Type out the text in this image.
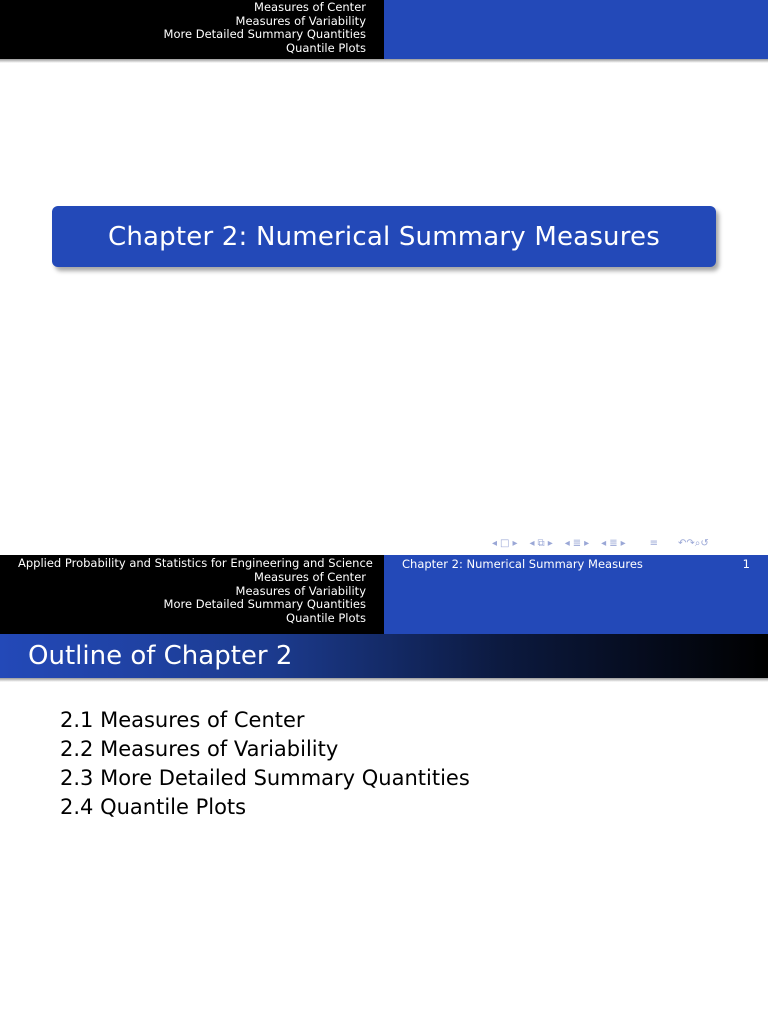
Measures of Center
Measures of Variability
More Detailed Summary Quantities
Quantile Plots
Chapter 2: Numerical Summary Measures
◂ □ ▸ ◂ ⧉ ▸ ◂ ≣ ▸ ◂ ≣ ▸ ≡ ↶↷⌕↺
Applied Probability and Statistics for Engineering and Science
Measures of Center
Measures of Variability
More Detailed Summary Quantities
Quantile Plots
Chapter 2: Numerical Summary Measures	1
Outline of Chapter 2
2.1 Measures of Center
2.2 Measures of Variability
2.3 More Detailed Summary Quantities
2.4 Quantile Plots
